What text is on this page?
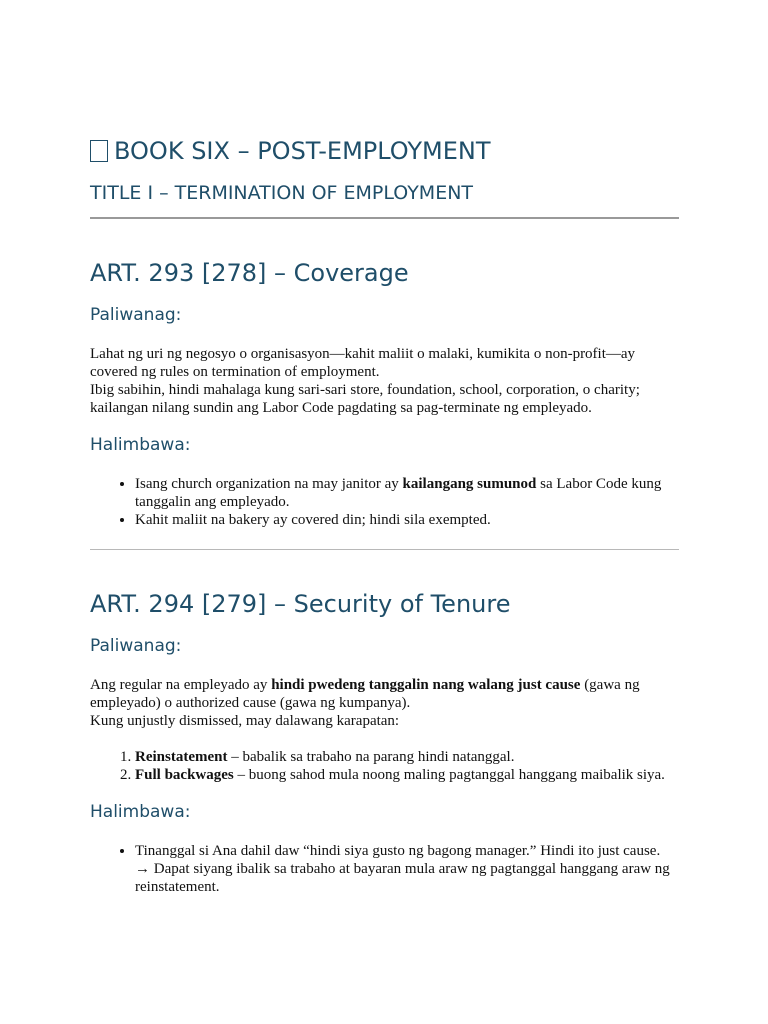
BOOK SIX – POST-EMPLOYMENT
TITLE I – TERMINATION OF EMPLOYMENT
ART. 293 [278] – Coverage
Paliwanag:

Lahat ng uri ng negosyo o organisasyon—kahit maliit o malaki, kumikita o non-profit—ay covered ng rules on termination of employment.
Ibig sabihin, hindi mahalaga kung sari-sari store, foundation, school, corporation, o charity; kailangan nilang sundin ang Labor Code pagdating sa pag-terminate ng empleyado.

Halimbawa:
• Isang church organization na may janitor ay kailangang sumunod sa Labor Code kung tanggalin ang empleyado.
• Kahit maliit na bakery ay covered din; hindi sila exempted.
ART. 294 [279] – Security of Tenure
Paliwanag:

Ang regular na empleyado ay hindi pwedeng tanggalin nang walang just cause (gawa ng empleyado) o authorized cause (gawa ng kumpanya).
Kung unjustly dismissed, may dalawang karapatan:

1. Reinstatement – babalik sa trabaho na parang hindi natanggal.
2. Full backwages – buong sahod mula noong maling pagtanggal hanggang maibalik siya.
Halimbawa:
• Tinanggal si Ana dahil daw “hindi siya gusto ng bagong manager.” Hindi ito just cause.
→ Dapat siyang ibalik sa trabaho at bayaran mula araw ng pagtanggal hanggang araw ng reinstatement.
